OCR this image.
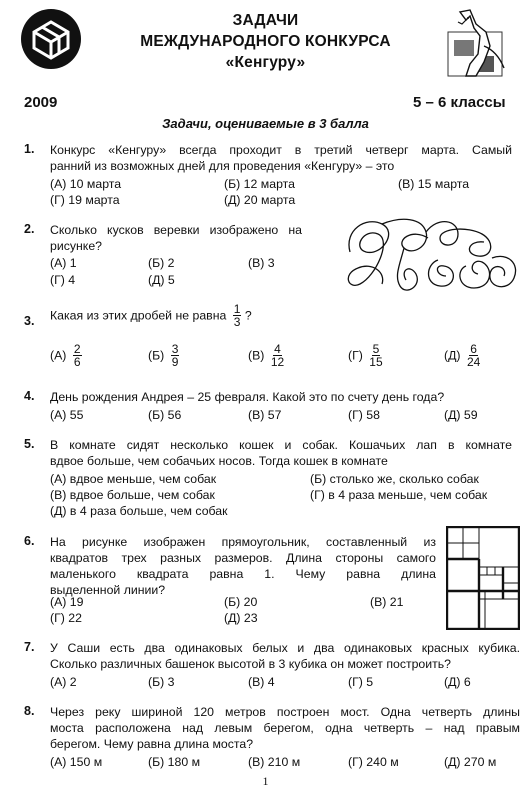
ЗАДАЧИ
МЕЖДУНАРОДНОГО КОНКУРСА
«Кенгуру»
2009	5 – 6 классы
Задачи, оцениваемые в 3 балла
1. Конкурс «Кенгуру» всегда проходит в третий четверг марта. Самый
ранний из возможных дней для проведения «Кенгуру» – это
(А) 10 марта	(Б) 12 марта	(В) 15 марта
(Г) 19 марта	(Д) 20 марта
2. Сколько кусков веревки изображено на
рисунке?
(А) 1	(Б) 2	(В) 3
(Г) 4	(Д) 5
3. Какая из этих дробей не равна $\frac{1}{3}$ ?
$(А) \frac{2}{6}$	$(Б) \frac{3}{9}$	$(В) \frac{4}{12}$	$(Г) \frac{5}{15}$	$(Д) \frac{6}{24}$
4. День рождения Андрея – 25 февраля. Какой это по счету день года?
(А) 55	(Б) 56	(В) 57	(Г) 58	(Д) 59
5. В комнате сидят несколько кошек и собак. Кошачьих лап в комнате
вдвое больше, чем собачьих носов. Тогда кошек в комнате
(А) вдвое меньше, чем собак	(Б) столько же, сколько собак
(В) вдвое больше, чем собак	(Г) в 4 раза меньше, чем собак
(Д) в 4 раза больше, чем собак
6. На рисунке изображен прямоугольник, составленный из
квадратов трех разных размеров. Длина стороны самого
маленького квадрата равна 1. Чему равна длина
выделенной линии?
(А) 19	(Б) 20	(В) 21
(Г) 22	(Д) 23
7. У Саши есть два одинаковых белых и два одинаковых красных кубика.
Сколько различных башенок высотой в 3 кубика он может построить?
(А) 2	(Б) 3	(В) 4	(Г) 5	(Д) 6
8. Через реку шириной 120 метров построен мост. Одна четверть длины
моста расположена над левым берегом, одна четверть – над правым
берегом. Чему равна длина моста?
(А) 150 м	(Б) 180 м	(В) 210 м	(Г) 240 м	(Д) 270 м
1
